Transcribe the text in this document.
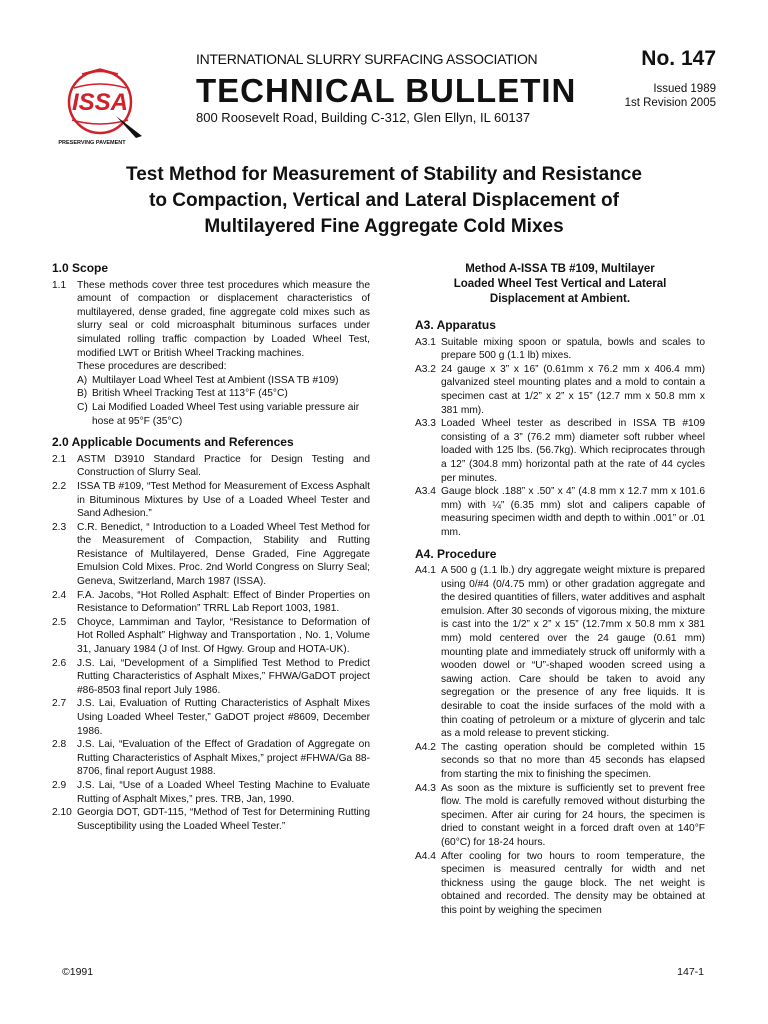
ISSA
PRESERVING PAVEMENT
INTERNATIONAL SLURRY SURFACING ASSOCIATION
TECHNICAL BULLETIN
800 Roosevelt Road, Building C-312, Glen Ellyn, IL 60137
No. 147
Issued 1989
1st Revision 2005
Test Method for Measurement of Stability and Resistance
to Compaction, Vertical and Lateral Displacement of
Multilayered Fine Aggregate Cold Mixes
1.0 Scope
1.1	These methods cover three test procedures which measure the amount of compaction or displacement characteristics of multilayered, dense graded, fine aggregate cold mixes such as slurry seal or cold microasphalt bituminous surfaces under simulated rolling traffic compaction by Loaded Wheel Test, modified LWT or British Wheel Tracking machines.
These procedures are described:
A) Multilayer Load Wheel Test at Ambient (ISSA TB #109)
B) British Wheel Tracking Test at 113°F (45°C)
C) Lai Modified Loaded Wheel Test using variable pressure air hose at 95°F (35°C)
2.0 Applicable Documents and References
2.1	ASTM D3910 Standard Practice for Design Testing and Construction of Slurry Seal.
2.2	ISSA TB #109, “Test Method for Measurement of Excess Asphalt in Bituminous Mixtures by Use of a Loaded Wheel Tester and Sand Adhesion.”
2.3	C.R. Benedict, “ Introduction to a Loaded Wheel Test Method for the Measurement of Compaction, Stability and Rutting Resistance of Multilayered, Dense Graded, Fine Aggregate Emulsion Cold Mixes. Proc. 2nd World Congress on Slurry Seal; Geneva, Switzerland, March 1987 (ISSA).
2.4	F.A. Jacobs, “Hot Rolled Asphalt: Effect of Binder Properties on Resistance to Deformation” TRRL Lab Report 1003, 1981.
2.5	Choyce, Lammiman and Taylor, “Resistance to Deformation of Hot Rolled Asphalt” Highway and Transportation , No. 1, Volume 31, January 1984 (J of Inst. Of Hgwy. Group and HOTA-UK).
2.6	J.S. Lai, “Development of a Simplified Test Method to Predict Rutting Characteristics of Asphalt Mixes,” FHWA/GaDOT project #86-8503 final report July 1986.
2.7	J.S. Lai, Evaluation of Rutting Characteristics of Asphalt Mixes Using Loaded Wheel Tester,” GaDOT project #8609, December 1986.
2.8	J.S. Lai, “Evaluation of the Effect of Gradation of Aggregate on Rutting Characteristics of Asphalt Mixes,” project #FHWA/Ga 88-8706, final report August 1988.
2.9	J.S. Lai, “Use of a Loaded Wheel Testing Machine to Evaluate Rutting of Asphalt Mixes,” pres. TRB, Jan, 1990.
2.10 Georgia DOT, GDT-115, “Method of Test for Determining Rutting Susceptibility using the Loaded Wheel Tester.”
Method A-ISSA TB #109, Multilayer
Loaded Wheel Test Vertical and Lateral
Displacement at Ambient.
A3. Apparatus
A3.1 Suitable mixing spoon or spatula, bowls and scales to prepare 500 g (1.1 lb) mixes.
A3.2 24 gauge x 3” x 16” (0.61mm x 76.2 mm x 406.4 mm) galvanized steel mounting plates and a mold to contain a specimen cast at 1/2” x 2” x 15” (12.7 mm x 50.8 mm x 381 mm).
A3.3 Loaded Wheel tester as described in ISSA TB #109 consisting of a 3” (76.2 mm) diameter soft rubber wheel loaded with 125 lbs. (56.7kg). Which reciprocates through a 12” (304.8 mm) horizontal path at the rate of 44 cycles per minutes.
A3.4 Gauge block .188” x .50” x 4” (4.8 mm x 12.7 mm x 101.6 mm) with ¼” (6.35 mm) slot and calipers capable of measuring specimen width and depth to within .001” or .01 mm.
A4. Procedure
A4.1 A 500 g (1.1 lb.) dry aggregate weight mixture is prepared using 0/#4 (0/4.75 mm) or other gradation aggregate and the desired quantities of fillers, water additives and asphalt emulsion. After 30 seconds of vigorous mixing, the mixture is cast into the 1/2” x 2” x 15” (12.7mm x 50.8 mm x 381 mm) mold centered over the 24 gauge (0.61 mm) mounting plate and immediately struck off uniformly with a wooden dowel or “U”-shaped wooden screed using a sawing action. Care should be taken to avoid any segregation or the presence of any free liquids. It is desirable to coat the inside surfaces of the mold with a thin coating of petroleum or a mixture of glycerin and talc as a mold release to prevent sticking.
A4.2 The casting operation should be completed within 15 seconds so that no more than 45 seconds has elapsed from starting the mix to finishing the specimen.
A4.3 As soon as the mixture is sufficiently set to prevent free flow. The mold is carefully removed without disturbing the specimen. After air curing for 24 hours, the specimen is dried to constant weight in a forced draft oven at 140°F (60°C) for 18-24 hours.
A4.4 After cooling for two hours to room temperature, the specimen is measured centrally for width and net thickness using the gauge block. The net weight is obtained and recorded. The density may be obtained at this point by weighing the specimen
©1991	147-1
